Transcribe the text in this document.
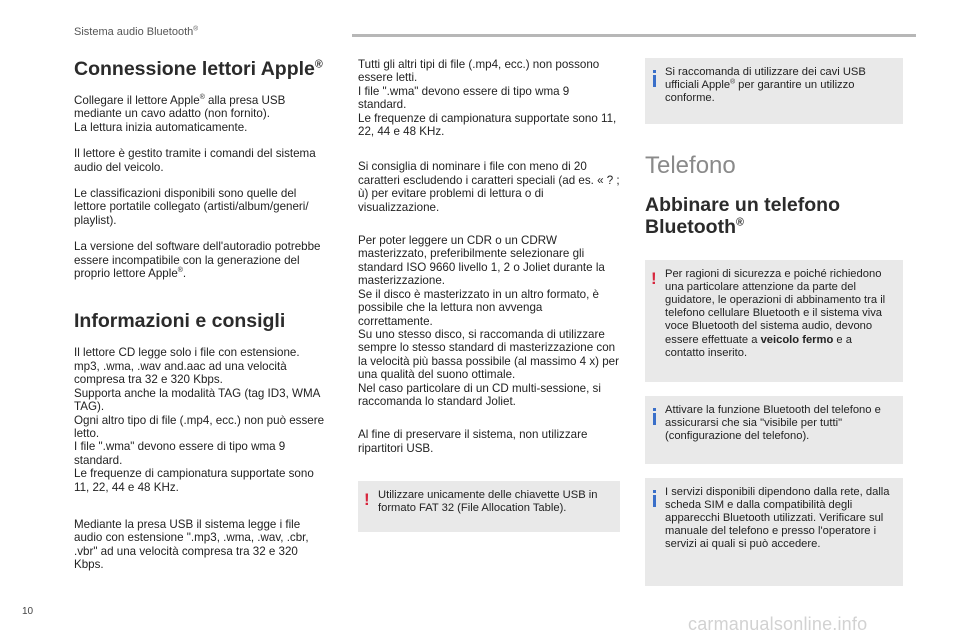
Sistema audio Bluetooth®
Connessione lettori Apple®

Collegare il lettore Apple® alla presa USB
mediante un cavo adatto (non fornito).
La lettura inizia automaticamente.

Il lettore è gestito tramite i comandi del sistema audio del veicolo.

Le classificazioni disponibili sono quelle del lettore portatile collegato (artisti/album/generi/ playlist).

La versione del software dell'autoradio potrebbe essere incompatibile con la generazione del proprio lettore Apple®.

Informazioni e consigli

Il lettore CD legge solo i file con estensione. mp3, .wma, .wav and.aac ad una velocità compresa tra 32 e 320 Kbps.
Supporta anche la modalità TAG (tag ID3, WMA TAG).
Ogni altro tipo di file (.mp4, ecc.) non può essere letto.
I file ".wma" devono essere di tipo wma 9 standard.
Le frequenze di campionatura supportate sono 11, 22, 44 e 48 KHz.

Mediante la presa USB il sistema legge i file audio con estensione ".mp3, .wma, .wav, .cbr, .vbr" ad una velocità compresa tra 32 e 320 Kbps.

Tutti gli altri tipi di file (.mp4, ecc.) non possono essere letti.
I file ".wma" devono essere di tipo wma 9 standard.
Le frequenze di campionatura supportate sono 11, 22, 44 e 48 KHz.

Si consiglia di nominare i file con meno di 20 caratteri escludendo i caratteri speciali (ad es. « ? ; ù) per evitare problemi di lettura o di visualizzazione.

Per poter leggere un CDR o un CDRW masterizzato, preferibilmente selezionare gli standard ISO 9660 livello 1, 2 o Joliet durante la masterizzazione.
Se il disco è masterizzato in un altro formato, è possibile che la lettura non avvenga correttamente.
Su uno stesso disco, si raccomanda di utilizzare sempre lo stesso standard di masterizzazione con la velocità più bassa possibile (al massimo 4 x) per una qualità del suono ottimale.
Nel caso particolare di un CD multi-sessione, si raccomanda lo standard Joliet.

Al fine di preservare il sistema, non utilizzare ripartitori USB.

! Utilizzare unicamente delle chiavette USB in formato FAT 32 (File Allocation Table).

Si raccomanda di utilizzare dei cavi USB ufficiali Apple® per garantire un utilizzo conforme.

Telefono
Abbinare un telefono Bluetooth®
! Per ragioni di sicurezza e poiché richiedono una particolare attenzione da parte del guidatore, le operazioni di abbinamento tra il telefono cellulare Bluetooth e il sistema viva voce Bluetooth del sistema audio, devono essere effettuate a veicolo fermo e a contatto inserito.

Attivare la funzione Bluetooth del telefono e assicurarsi che sia "visibile per tutti" (configurazione del telefono).

I servizi disponibili dipendono dalla rete, dalla scheda SIM e dalla compatibilità degli apparecchi Bluetooth utilizzati. Verificare sul manuale del telefono e presso l'operatore i servizi ai quali si può accedere.

10
carmanualsonline.info
